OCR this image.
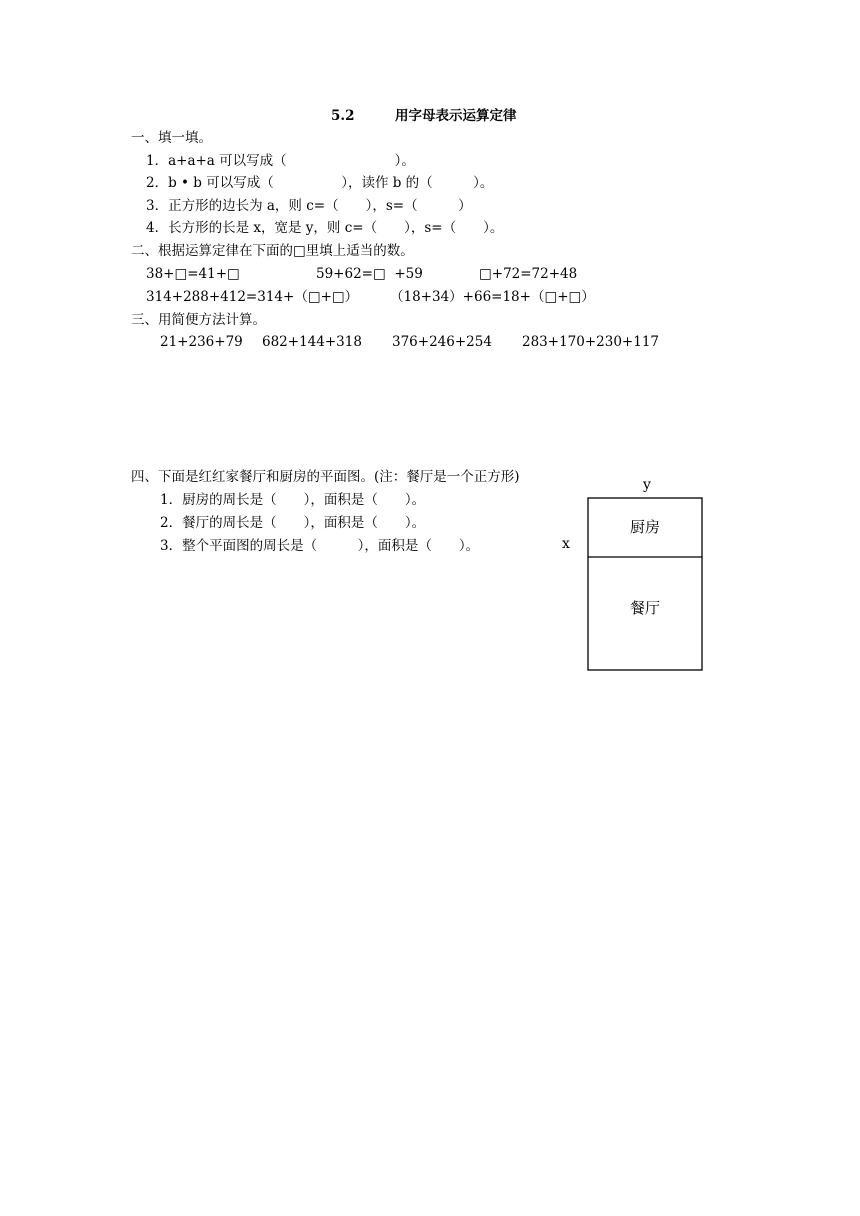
5.2　　　用字母表示运算定律
一、填一填。
1．a+a+a 可以写成（　　　　　　　　）。
2．b • b 可以写成（　　　　　），读作 b 的（　　　）。
3．正方形的边长为 a，则 c=（　　），s=（　　　）
4．长方形的长是 x，宽是 y，则 c=（　　），s=（　　）。
二、根据运算定律在下面的□里填上适当的数。
38+□=41+□	59+62=□  +59	□+72=72+48
314+288+412=314+（□+□） （18+34）+66=18+（□+□）
三、用简便方法计算。
21+236+79 682+144+318 376+246+254 283+170+230+117
四、下面是红红家餐厅和厨房的平面图。(注：餐厅是一个正方形)
1．厨房的周长是（　　），面积是（　　）。
2．餐厅的周长是（　　），面积是（　　）。
3．整个平面图的周长是（　　　），面积是（　　）。
y
x
厨房
餐厅
